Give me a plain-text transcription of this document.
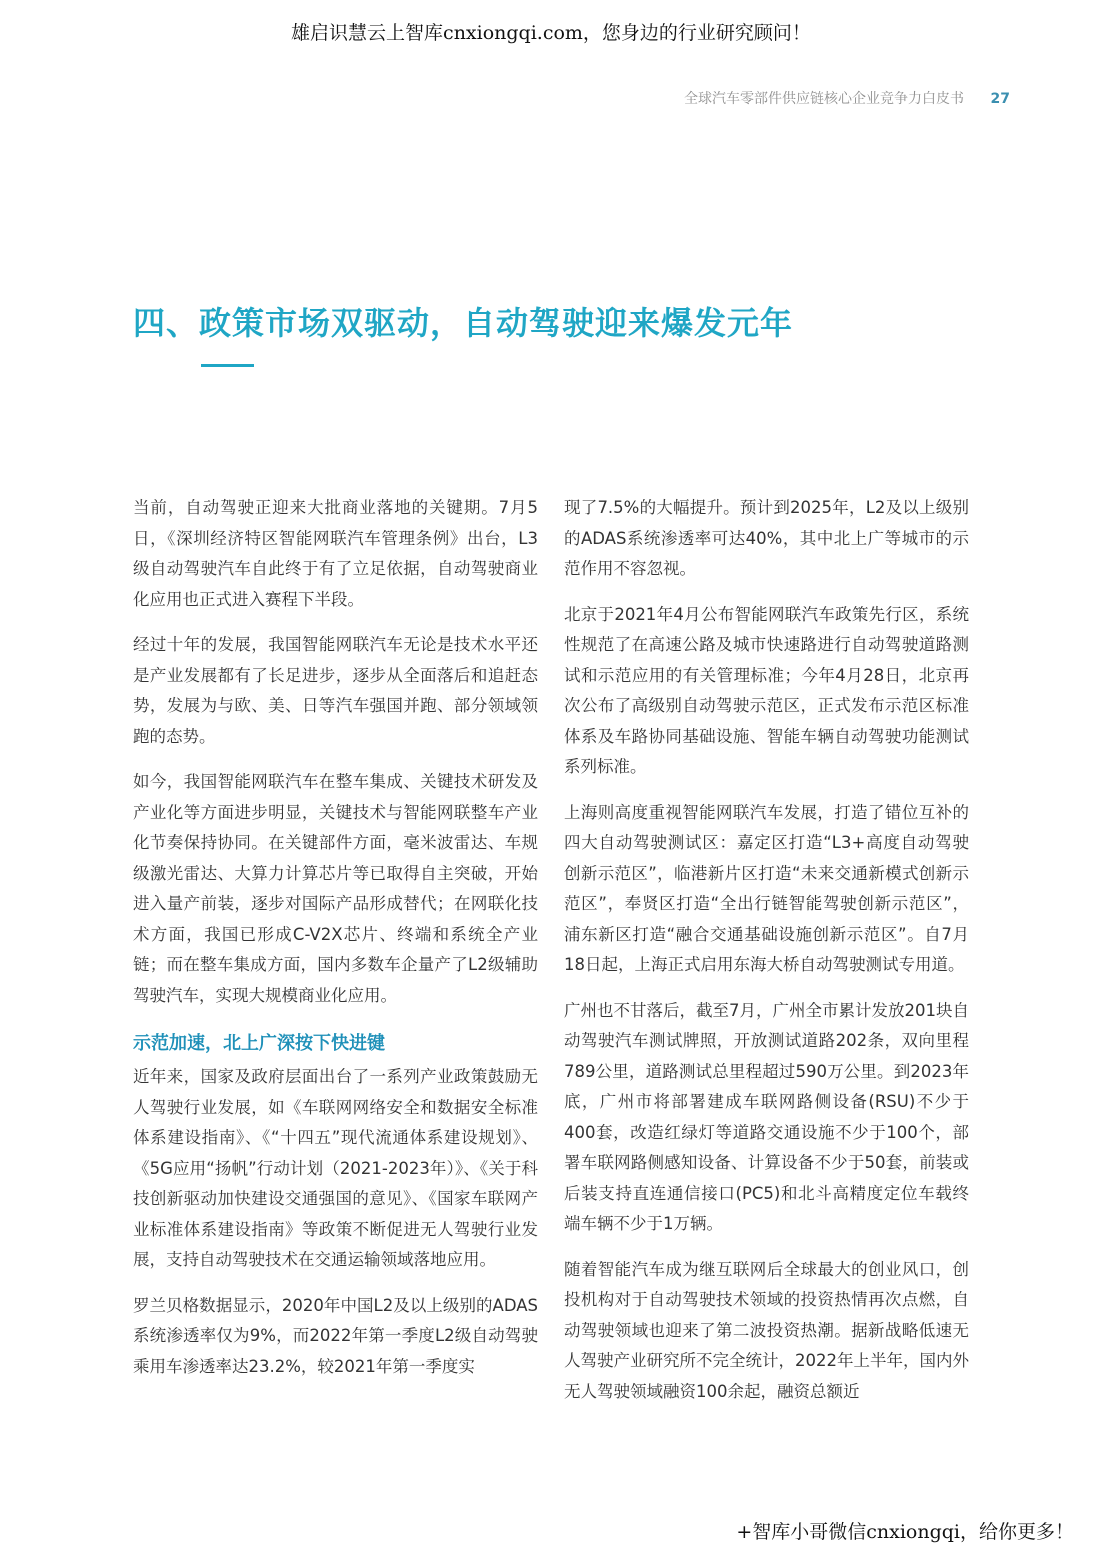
雄启识慧云上智库cnxiongqi.com，您身边的行业研究顾问！
全球汽车零部件供应链核心企业竞争力白皮书 27
四、政策市场双驱动，自动驾驶迎来爆发元年

当前，自动驾驶正迎来大批商业落地的关键期。7月5日，《深圳经济特区智能网联汽车管理条例》出台，L3级自动驾驶汽车自此终于有了立足依据，自动驾驶商业化应用也正式进入赛程下半段。

经过十年的发展，我国智能网联汽车无论是技术水平还是产业发展都有了长足进步，逐步从全面落后和追赶态势，发展为与欧、美、日等汽车强国并跑、部分领域领跑的态势。

如今，我国智能网联汽车在整车集成、关键技术研发及产业化等方面进步明显，关键技术与智能网联整车产业化节奏保持协同。在关键部件方面，毫米波雷达、车规级激光雷达、大算力计算芯片等已取得自主突破，开始进入量产前装，逐步对国际产品形成替代；在网联化技术方面，我国已形成C-V2X芯片、终端和系统全产业链；而在整车集成方面，国内多数车企量产了L2级辅助驾驶汽车，实现大规模商业化应用。

示范加速，北上广深按下快进键

近年来，国家及政府层面出台了一系列产业政策鼓励无人驾驶行业发展，如《车联网网络安全和数据安全标准体系建设指南》、《“十四五”现代流通体系建设规划》、《5G应用“扬帆”行动计划（2021-2023年）》、《关于科技创新驱动加快建设交通强国的意见》、《国家车联网产业标准体系建设指南》等政策不断促进无人驾驶行业发展，支持自动驾驶技术在交通运输领域落地应用。

罗兰贝格数据显示，2020年中国L2及以上级别的ADAS系统渗透率仅为9%，而2022年第一季度L2级自动驾驶乘用车渗透率达23.2%，较2021年第一季度实

现了7.5%的大幅提升。预计到2025年，L2及以上级别的ADAS系统渗透率可达40%，其中北上广等城市的示范作用不容忽视。

北京于2021年4月公布智能网联汽车政策先行区，系统性规范了在高速公路及城市快速路进行自动驾驶道路测试和示范应用的有关管理标准；今年4月28日，北京再次公布了高级别自动驾驶示范区，正式发布示范区标准体系及车路协同基础设施、智能车辆自动驾驶功能测试系列标准。

上海则高度重视智能网联汽车发展，打造了错位互补的四大自动驾驶测试区：嘉定区打造“L3+高度自动驾驶创新示范区”，临港新片区打造“未来交通新模式创新示范区”，奉贤区打造“全出行链智能驾驶创新示范区”，浦东新区打造“融合交通基础设施创新示范区”。自7月18日起，上海正式启用东海大桥自动驾驶测试专用道。

广州也不甘落后，截至7月，广州全市累计发放201块自动驾驶汽车测试牌照，开放测试道路202条，双向里程789公里，道路测试总里程超过590万公里。到2023年底，广州市将部署建成车联网路侧设备(RSU)不少于400套，改造红绿灯等道路交通设施不少于100个，部署车联网路侧感知设备、计算设备不少于50套，前装或后装支持直连通信接口(PC5)和北斗高精度定位车载终端车辆不少于1万辆。

随着智能汽车成为继互联网后全球最大的创业风口，创投机构对于自动驾驶技术领域的投资热情再次点燃，自动驾驶领域也迎来了第二波投资热潮。据新战略低速无人驾驶产业研究所不完全统计，2022年上半年，国内外无人驾驶领域融资100余起，融资总额近

+智库小哥微信cnxiongqi，给你更多！
